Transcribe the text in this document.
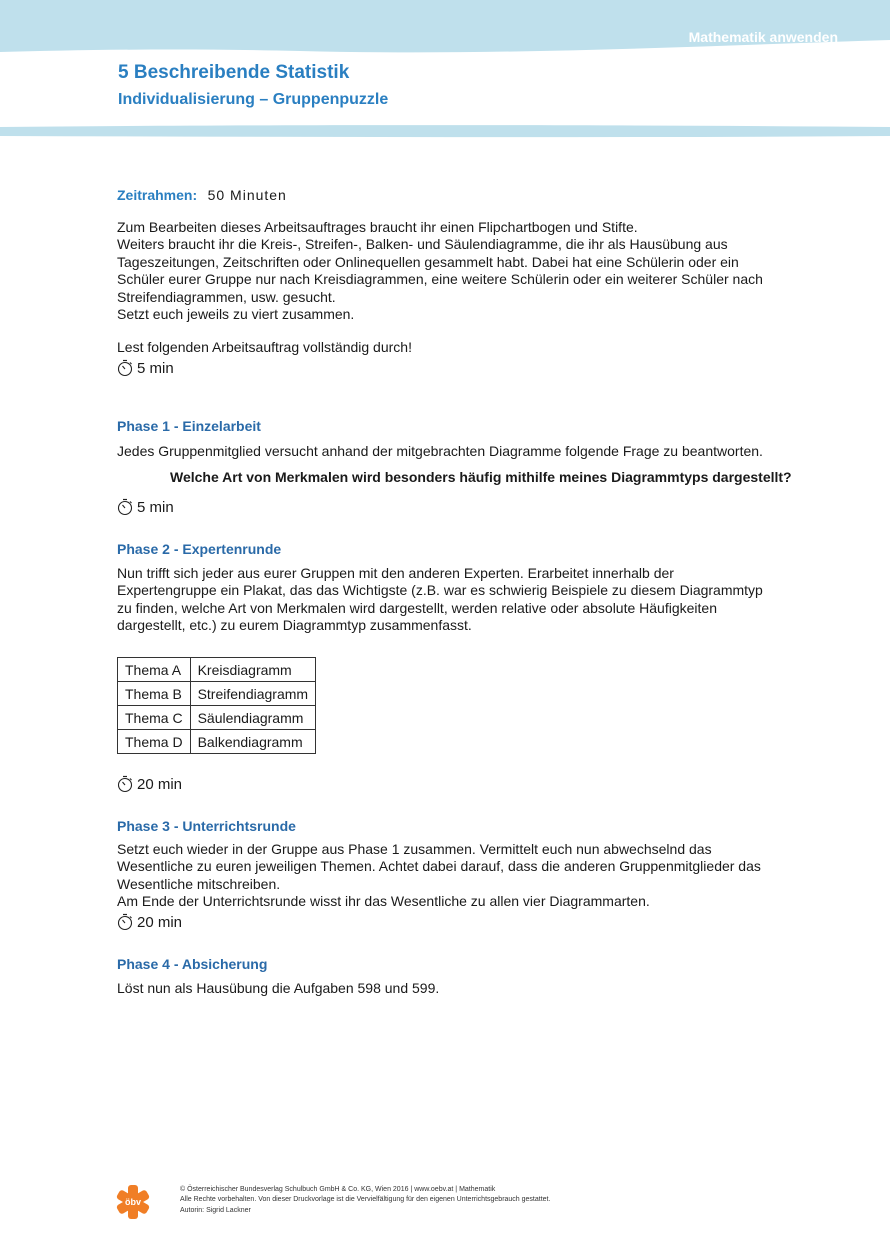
Mathematik anwenden
5 Beschreibende Statistik
Individualisierung – Gruppenpuzzle
Zeitrahmen: 50 Minuten
Zum Bearbeiten dieses Arbeitsauftrages braucht ihr einen Flipchartbogen und Stifte.
Weiters braucht ihr die Kreis-, Streifen-, Balken- und Säulendiagramme, die ihr als Hausübung aus
Tageszeitungen, Zeitschriften oder Onlinequellen gesammelt habt. Dabei hat eine Schülerin oder ein
Schüler eurer Gruppe nur nach Kreisdiagrammen, eine weitere Schülerin oder ein weiterer Schüler nach
Streifendiagrammen, usw. gesucht.
Setzt euch jeweils zu viert zusammen.
Lest folgenden Arbeitsauftrag vollständig durch!
5 min
Phase 1 - Einzelarbeit
Jedes Gruppenmitglied versucht anhand der mitgebrachten Diagramme folgende Frage zu beantworten.
Welche Art von Merkmalen wird besonders häufig mithilfe meines Diagrammtyps dargestellt?
5 min
Phase 2 - Expertenrunde
Nun trifft sich jeder aus eurer Gruppen mit den anderen Experten. Erarbeitet innerhalb der
Expertengruppe ein Plakat, das das Wichtigste (z.B. war es schwierig Beispiele zu diesem Diagrammtyp
zu finden, welche Art von Merkmalen wird dargestellt, werden relative oder absolute Häufigkeiten
dargestellt, etc.) zu eurem Diagrammtyp zusammenfasst.
Thema A	Kreisdiagramm
Thema B	Streifendiagramm
Thema C	Säulendiagramm
Thema D	Balkendiagramm
20 min
Phase 3 - Unterrichtsrunde
Setzt euch wieder in der Gruppe aus Phase 1 zusammen. Vermittelt euch nun abwechselnd das
Wesentliche zu euren jeweiligen Themen. Achtet dabei darauf, dass die anderen Gruppenmitglieder das
Wesentliche mitschreiben.
Am Ende der Unterrichtsrunde wisst ihr das Wesentliche zu allen vier Diagrammarten.
20 min
Phase 4 - Absicherung
Löst nun als Hausübung die Aufgaben 598 und 599.
öbv
© Österreichischer Bundesverlag Schulbuch GmbH & Co. KG, Wien 2016 | www.oebv.at | Mathematik
Alle Rechte vorbehalten. Von dieser Druckvorlage ist die Vervielfältigung für den eigenen Unterrichtsgebrauch gestattet.
Autorin: Sigrid Lackner
